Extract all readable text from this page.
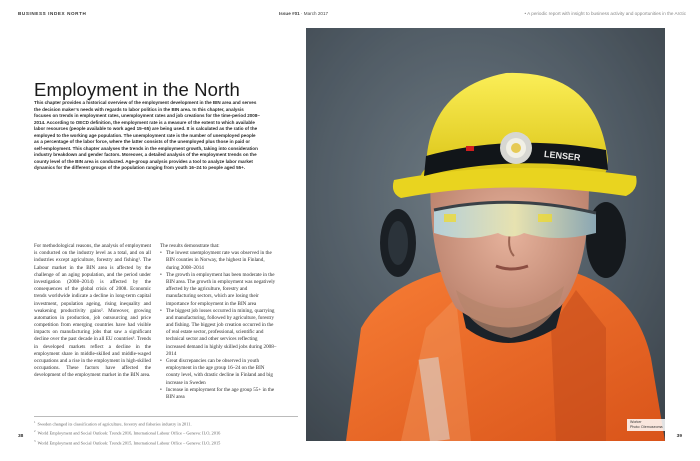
BUSINESS INDEX NORTH	Issue #01 · March 2017	• A periodic report with insight to business activity and opportunities in the Arctic
Employment in the North

This chapter provides a historical overview of the employment development in the BIN area and serves the decision maker’s needs with regards to labor politics in the BIN area. In this chapter, analysis focuses on trends in employment rates, unemployment rates and job creations for the time-period 2008–2014. According to OECD definition, the employment rate is a measure of the extent to which available labor resources (people available to work aged 15–65) are being used. It is calculated as the ratio of the employed to the working age population. The unemployment rate is the number of unemployed people as a percentage of the labor force, where the latter consists of the unemployed plus those in paid or self-employment. This chapter analyses the trends in the employment growth, taking into consideration industry breakdown and gender factors. Moreover, a detailed analysis of the employment trends on the county level of the BIN area is conducted. Age-group analysis provides a tool to analyze labor market dynamics for the different groups of the population ranging from youth 16–24 to people aged 55+.

For methodological reasons, the analysis of employment is conducted on the industry level as a total, and on all industries except agriculture, forestry and fishing¹. The Labour market in the BIN area is affected by the challenge of an aging population, and the period under investigation (2008–2014) is affected by the consequences of the global crisis of 2008. Economic trends worldwide indicate a decline in long-term capital investment, population ageing, rising inequality and weakening productivity gains². Moreover, growing automation in production, job outsourcing and price competition from emerging countries have had visible impacts on manufacturing jobs that saw a significant decline over the past decade in all EU countries³. Trends in developed markets reflect a decline in the employment share in middle-skilled and middle-waged occupations and a rise in the employment in high-skilled occupations. These factors have affected the development of the employment market in the BIN area.

The results demonstrate that:

• The lowest unemployment rate was observed in the BIN counties in Norway, the highest in Finland, during 2008–2014
• The growth in employment has been moderate in the BIN area. The growth in employment was negatively affected by the agriculture, forestry and manufacturing sectors, which are losing their importance for employment in the BIN area
• The biggest job losses occurred in mining, quarrying and manufacturing, followed by agriculture, forestry and fishing. The biggest job creation occurred in the of real estate sector, professional, scientific and technical sector and other services reflecting increased demand in highly skilled jobs during 2008–2014
• Great discrepancies can be observed in youth employment in the age group 16–24 on the BIN county level, with drastic decline in Finland and big increase in Sweden
• Increase in employment for the age group 55+ in the BIN area
$^1$ Sweden changed its classification of agriculture, forestry and fisheries industry in 2011.
$^2$ World Employment and Social Outlook: Trends 2016, International Labour Office – Geneva: ILO, 2016
$^3$ World Employment and Social Outlook: Trends 2015, International Labour Office – Geneva: ILO, 2015
38	39
LENSER
Worker
Photo: Diemuseoma
